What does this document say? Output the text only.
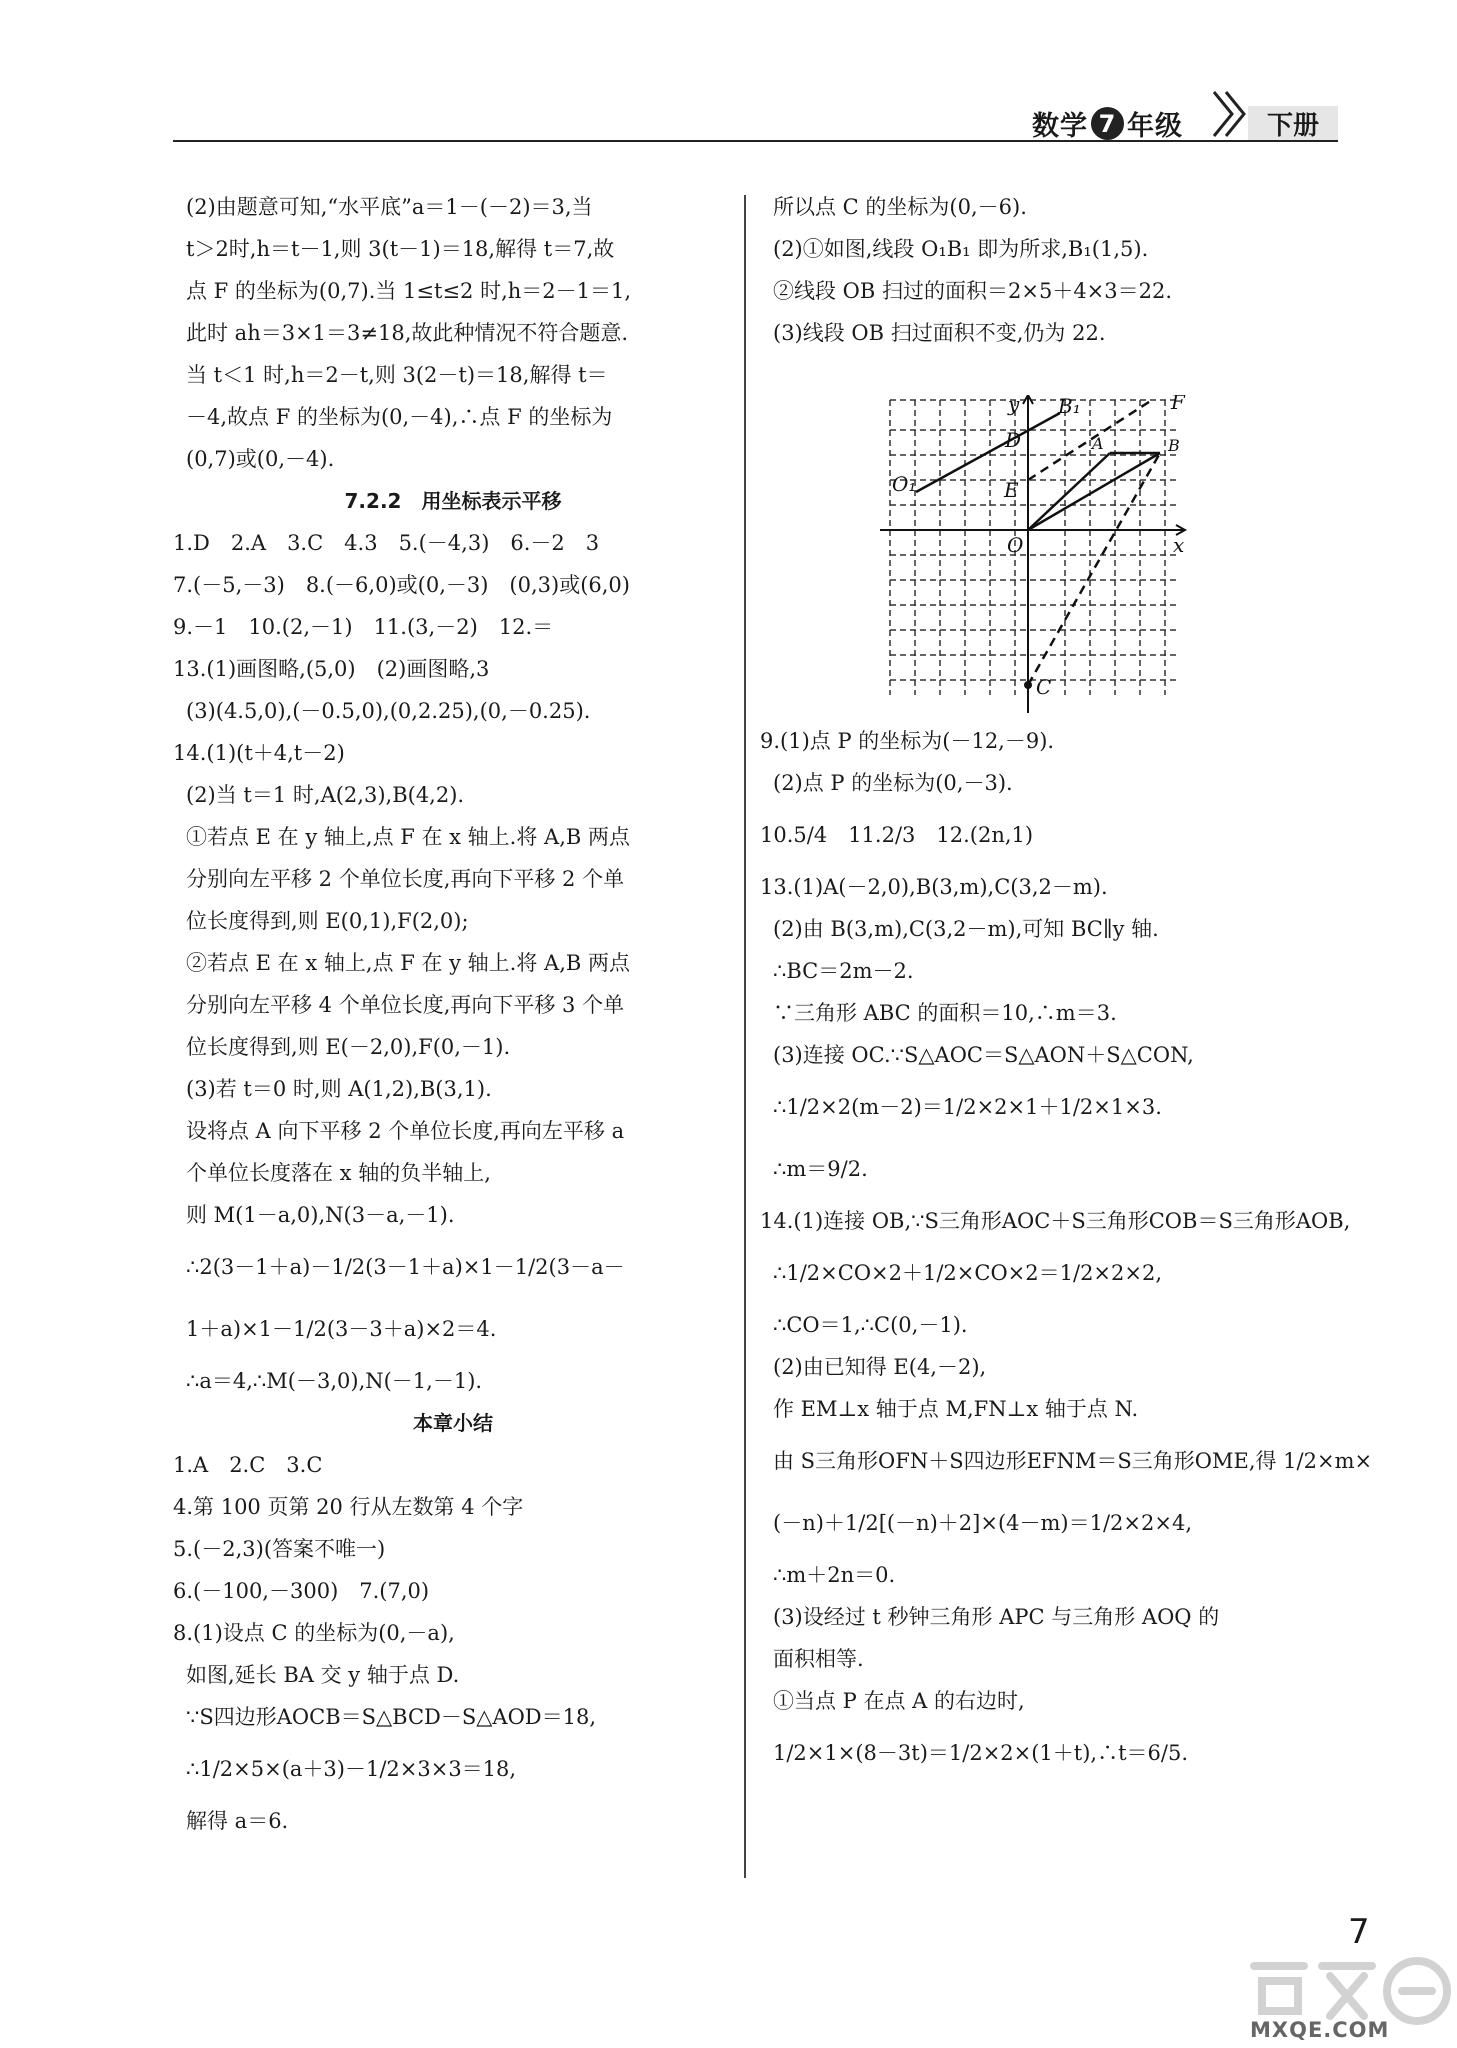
数学 7 年级	下册
(2)由题意可知,“水平底”a＝1－(－2)＝3,当
t＞2时,h＝t－1,则 3(t－1)＝18,解得 t＝7,故
点 F 的坐标为(0,7).当 1≤t≤2 时,h＝2－1＝1,
此时 ah＝3×1＝3≠18,故此种情况不符合题意.
当 t＜1 时,h＝2－t,则 3(2－t)＝18,解得 t＝
－4,故点 F 的坐标为(0,－4),∴点 F 的坐标为
(0,7)或(0,－4).
7.2.2　用坐标表示平移
1.D　2.A　3.C　4.3　5.(－4,3)　6.－2　3
7.(－5,－3)　8.(－6,0)或(0,－3)　(0,3)或(6,0)
9.－1　10.(2,－1)　11.(3,－2)　12.＝
13.(1)画图略,(5,0)　(2)画图略,3
(3)(4.5,0),(－0.5,0),(0,2.25),(0,－0.25).
14.(1)(t＋4,t－2)
(2)当 t＝1 时,A(2,3),B(4,2).
①若点 E 在 y 轴上,点 F 在 x 轴上.将 A,B 两点
分别向左平移 2 个单位长度,再向下平移 2 个单
位长度得到,则 E(0,1),F(2,0);
②若点 E 在 x 轴上,点 F 在 y 轴上.将 A,B 两点
分别向左平移 4 个单位长度,再向下平移 3 个单
位长度得到,则 E(－2,0),F(0,－1).
(3)若 t＝0 时,则 A(1,2),B(3,1).
设将点 A 向下平移 2 个单位长度,再向左平移 a
个单位长度落在 x 轴的负半轴上,
则 M(1－a,0),N(3－a,－1).
∴2(3－1＋a)－1/2(3－1＋a)×1－1/2(3－a－
1＋a)×1－1/2(3－3＋a)×2＝4.
∴a＝4,∴M(－3,0),N(－1,－1).
本章小结
1.A　2.C　3.C
4.第 100 页第 20 行从左数第 4 个字
5.(－2,3)(答案不唯一)
6.(－100,－300)　7.(7,0)
8.(1)设点 C 的坐标为(0,－a),
如图,延长 BA 交 y 轴于点 D.
∵S四边形AOCB＝S△BCD－S△AOD＝18,
∴1/2×5×(a＋3)－1/2×3×3＝18,
解得 a＝6.
所以点 C 的坐标为(0,－6).
(2)①如图,线段 O₁B₁ 即为所求,B₁(1,5).
②线段 OB 扫过的面积＝2×5＋4×3＝22.
(3)线段 OB 扫过面积不变,仍为 22.
y
x
O
O₁
B₁	F
D	A	B
E
C
9.(1)点 P 的坐标为(－12,－9).
(2)点 P 的坐标为(0,－3).
10.5/4　11.2/3　12.(2n,1)
13.(1)A(－2,0),B(3,m),C(3,2－m).
(2)由 B(3,m),C(3,2－m),可知 BC∥y 轴.
∴BC＝2m－2.
∵三角形 ABC 的面积＝10,∴m＝3.
(3)连接 OC.∵S△AOC＝S△AON＋S△CON,
∴1/2×2(m－2)＝1/2×2×1＋1/2×1×3.
∴m＝9/2.
14.(1)连接 OB,∵S三角形AOC＋S三角形COB＝S三角形AOB,
∴1/2×CO×2＋1/2×CO×2＝1/2×2×2,
∴CO＝1,∴C(0,－1).
(2)由已知得 E(4,－2),
作 EM⊥x 轴于点 M,FN⊥x 轴于点 N.
由 S三角形OFN＋S四边形EFNM＝S三角形OME,得 1/2×m×
(－n)＋1/2[(－n)＋2]×(4－m)＝1/2×2×4,
∴m＋2n＝0.
(3)设经过 t 秒钟三角形 APC 与三角形 AOQ 的
面积相等.
①当点 P 在点 A 的右边时,
1/2×1×(8－3t)＝1/2×2×(1＋t),∴t＝6/5.
7
MXQE.COM
